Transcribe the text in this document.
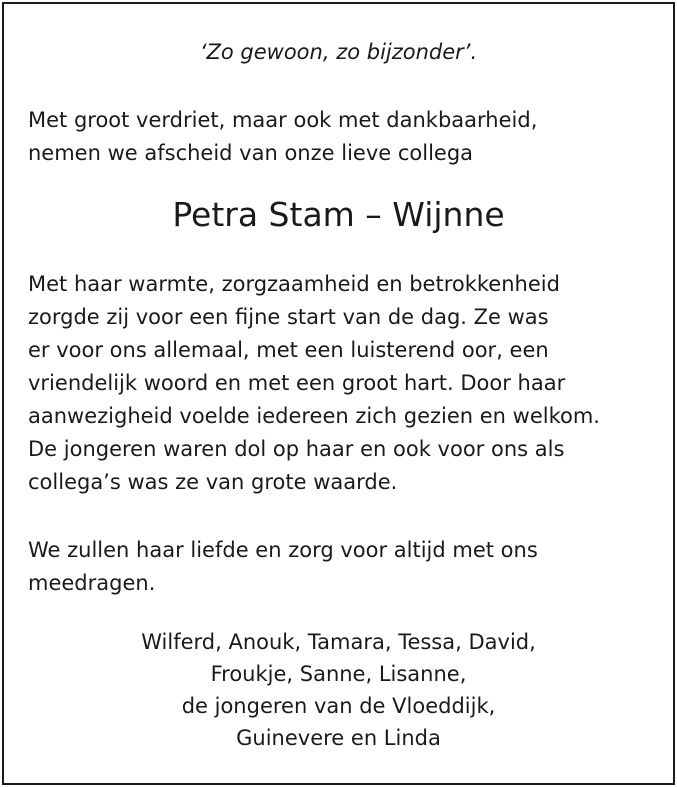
‘Zo gewoon, zo bijzonder’.
Met groot verdriet, maar ook met dankbaarheid,
nemen we afscheid van onze lieve collega
Petra Stam – Wijnne
Met haar warmte, zorgzaamheid en betrokkenheid
zorgde zij voor een fijne start van de dag. Ze was
er voor ons allemaal, met een luisterend oor, een
vriendelijk woord en met een groot hart. Door haar
aanwezigheid voelde iedereen zich gezien en welkom.
De jongeren waren dol op haar en ook voor ons als
collega’s was ze van grote waarde.
We zullen haar liefde en zorg voor altijd met ons
meedragen.
Wilferd, Anouk, Tamara, Tessa, David,
Froukje, Sanne, Lisanne,
de jongeren van de Vloeddijk,
Guinevere en Linda
